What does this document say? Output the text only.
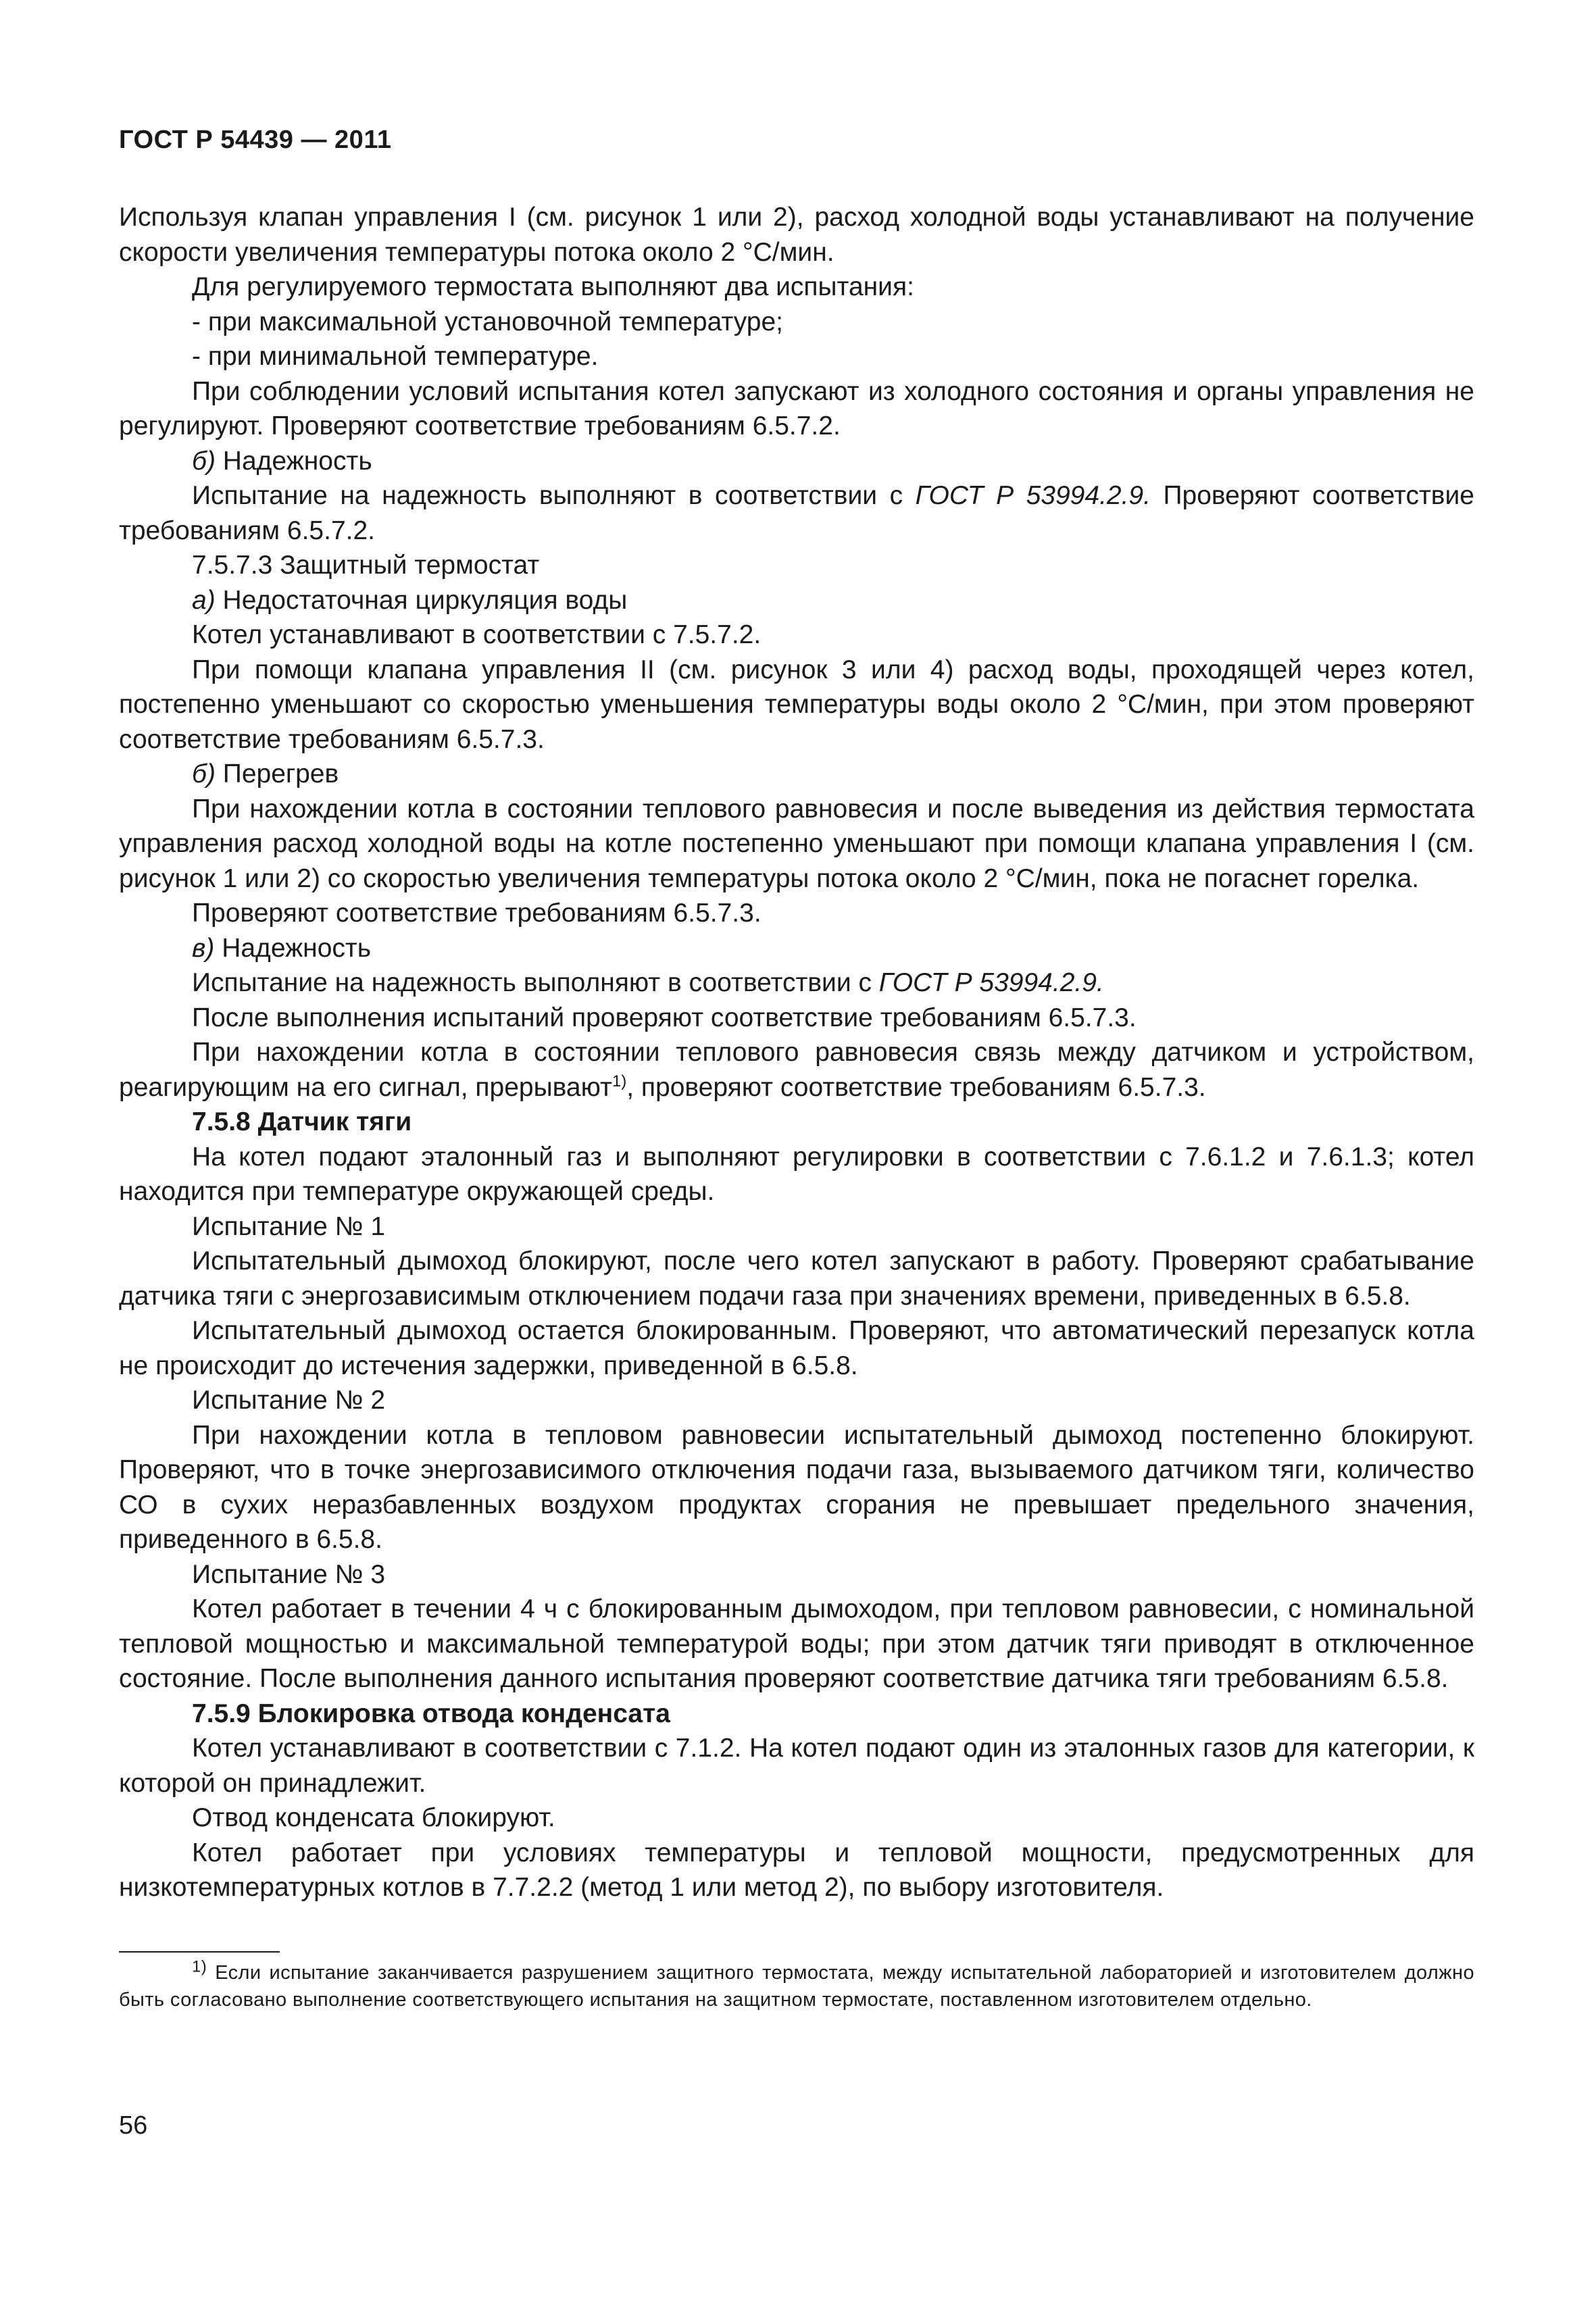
ГОСТ Р 54439 — 2011

Используя клапан управления I (см. рисунок 1 или 2), расход холодной воды устанавливают на получение скорости увеличения температуры потока около 2 °С/мин.

Для регулируемого термостата выполняют два испытания:

- при максимальной установочной температуре;

- при минимальной температуре.

При соблюдении условий испытания котел запускают из холодного состояния и органы управления не регулируют. Проверяют соответствие требованиям 6.5.7.2.

б) Надежность

Испытание на надежность выполняют в соответствии с ГОСТ Р 53994.2.9. Проверяют соответствие требованиям 6.5.7.2.

7.5.7.3 Защитный термостат

а) Недостаточная циркуляция воды

Котел устанавливают в соответствии с 7.5.7.2.

При помощи клапана управления II (см. рисунок 3 или 4) расход воды, проходящей через котел, постепенно уменьшают со скоростью уменьшения температуры воды около 2 °С/мин, при этом проверяют соответствие требованиям 6.5.7.3.

б) Перегрев

При нахождении котла в состоянии теплового равновесия и после выведения из действия термостата управления расход холодной воды на котле постепенно уменьшают при помощи клапана управления I (см. рисунок 1 или 2) со скоростью увеличения температуры потока около 2 °С/мин, пока не погаснет горелка.

Проверяют соответствие требованиям 6.5.7.3.

в) Надежность

Испытание на надежность выполняют в соответствии с ГОСТ Р 53994.2.9.

После выполнения испытаний проверяют соответствие требованиям 6.5.7.3.

При нахождении котла в состоянии теплового равновесия связь между датчиком и устройством, реагирующим на его сигнал, прерывают$^{1)}$, проверяют соответствие требованиям 6.5.7.3.

7.5.8 Датчик тяги

На котел подают эталонный газ и выполняют регулировки в соответствии с 7.6.1.2 и 7.6.1.3; котел находится при температуре окружающей среды.

Испытание № 1

Испытательный дымоход блокируют, после чего котел запускают в работу. Проверяют срабатывание датчика тяги с энергозависимым отключением подачи газа при значениях времени, приведенных в 6.5.8.

Испытательный дымоход остается блокированным. Проверяют, что автоматический перезапуск котла не происходит до истечения задержки, приведенной в 6.5.8.

Испытание № 2

При нахождении котла в тепловом равновесии испытательный дымоход постепенно блокируют. Проверяют, что в точке энергозависимого отключения подачи газа, вызываемого датчиком тяги, количество СО в сухих неразбавленных воздухом продуктах сгорания не превышает предельного значения, приведенного в 6.5.8.

Испытание № 3

Котел работает в течении 4 ч с блокированным дымоходом, при тепловом равновесии, с номинальной тепловой мощностью и максимальной температурой воды; при этом датчик тяги приводят в отключенное состояние. После выполнения данного испытания проверяют соответствие датчика тяги требованиям 6.5.8.

7.5.9 Блокировка отвода конденсата

Котел устанавливают в соответствии с 7.1.2. На котел подают один из эталонных газов для категории, к которой он принадлежит.

Отвод конденсата блокируют.

Котел работает при условиях температуры и тепловой мощности, предусмотренных для низкотемпературных котлов в 7.7.2.2 (метод 1 или метод 2), по выбору изготовителя.

$^{1)}$ Если испытание заканчивается разрушением защитного термостата, между испытательной лабораторией и изготовителем должно быть согласовано выполнение соответствующего испытания на защитном термостате, поставленном изготовителем отдельно.
56
